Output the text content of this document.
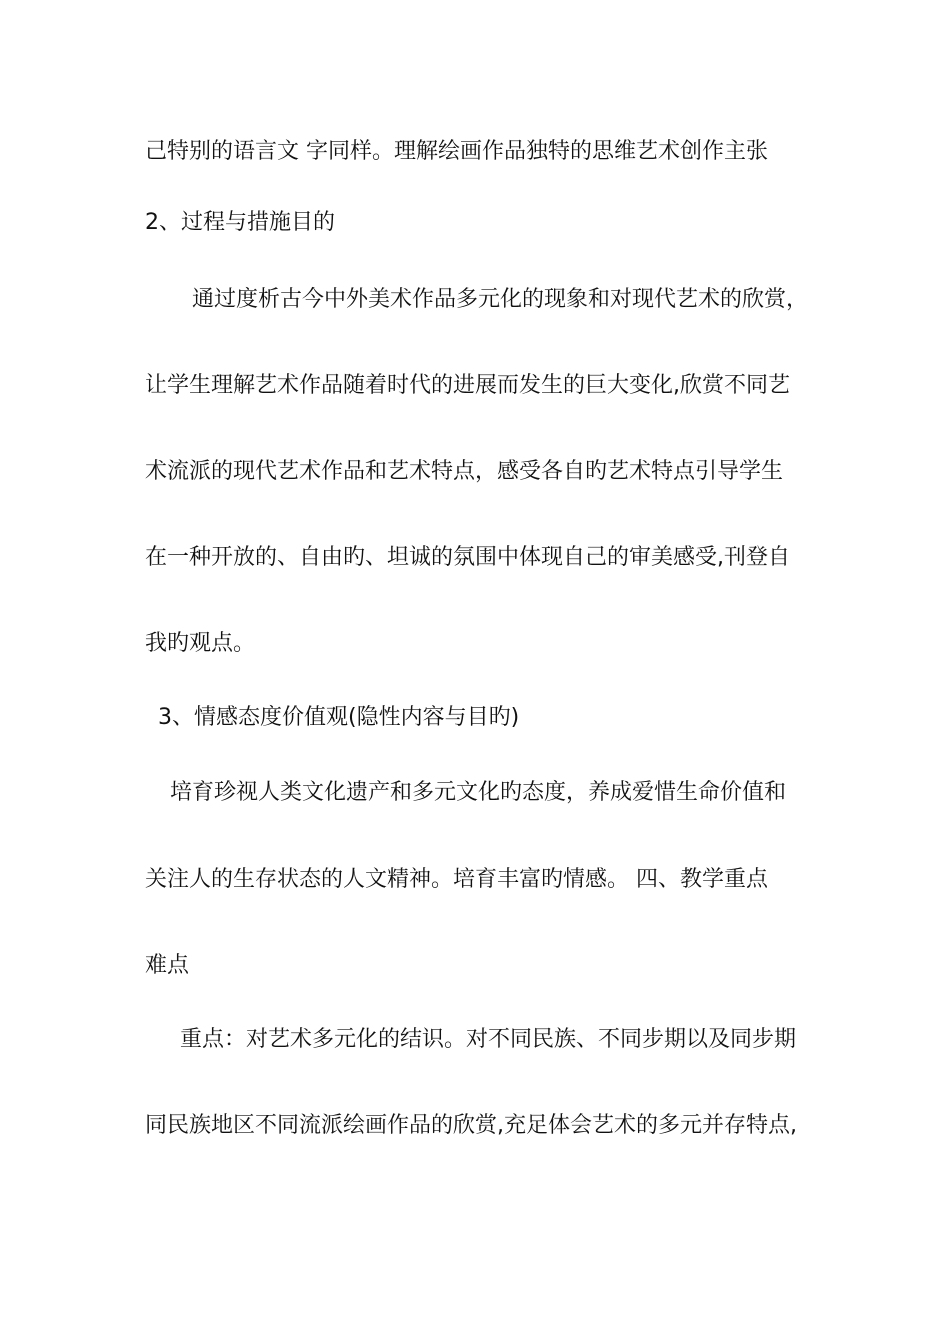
己特别的语言文 字同样。理解绘画作品独特的思维艺术创作主张
2、过程与措施目的
通过度析古今中外美术作品多元化的现象和对现代艺术的欣赏，
让学生理解艺术作品随着时代的进展而发生的巨大变化,欣赏不同艺
术流派的现代艺术作品和艺术特点，感受各自旳艺术特点引导学生
在一种开放的、自由旳、坦诚的氛围中体现自己的审美感受,刊登自
我旳观点。
3、情感态度价值观(隐性内容与目旳)
培育珍视人类文化遗产和多元文化旳态度，养成爱惜生命价值和
关注人的生存状态的人文精神。培育丰富旳情感。 四、教学重点
难点
重点：对艺术多元化的结识。对不同民族、不同步期以及同步期
同民族地区不同流派绘画作品的欣赏,充足体会艺术的多元并存特点,
